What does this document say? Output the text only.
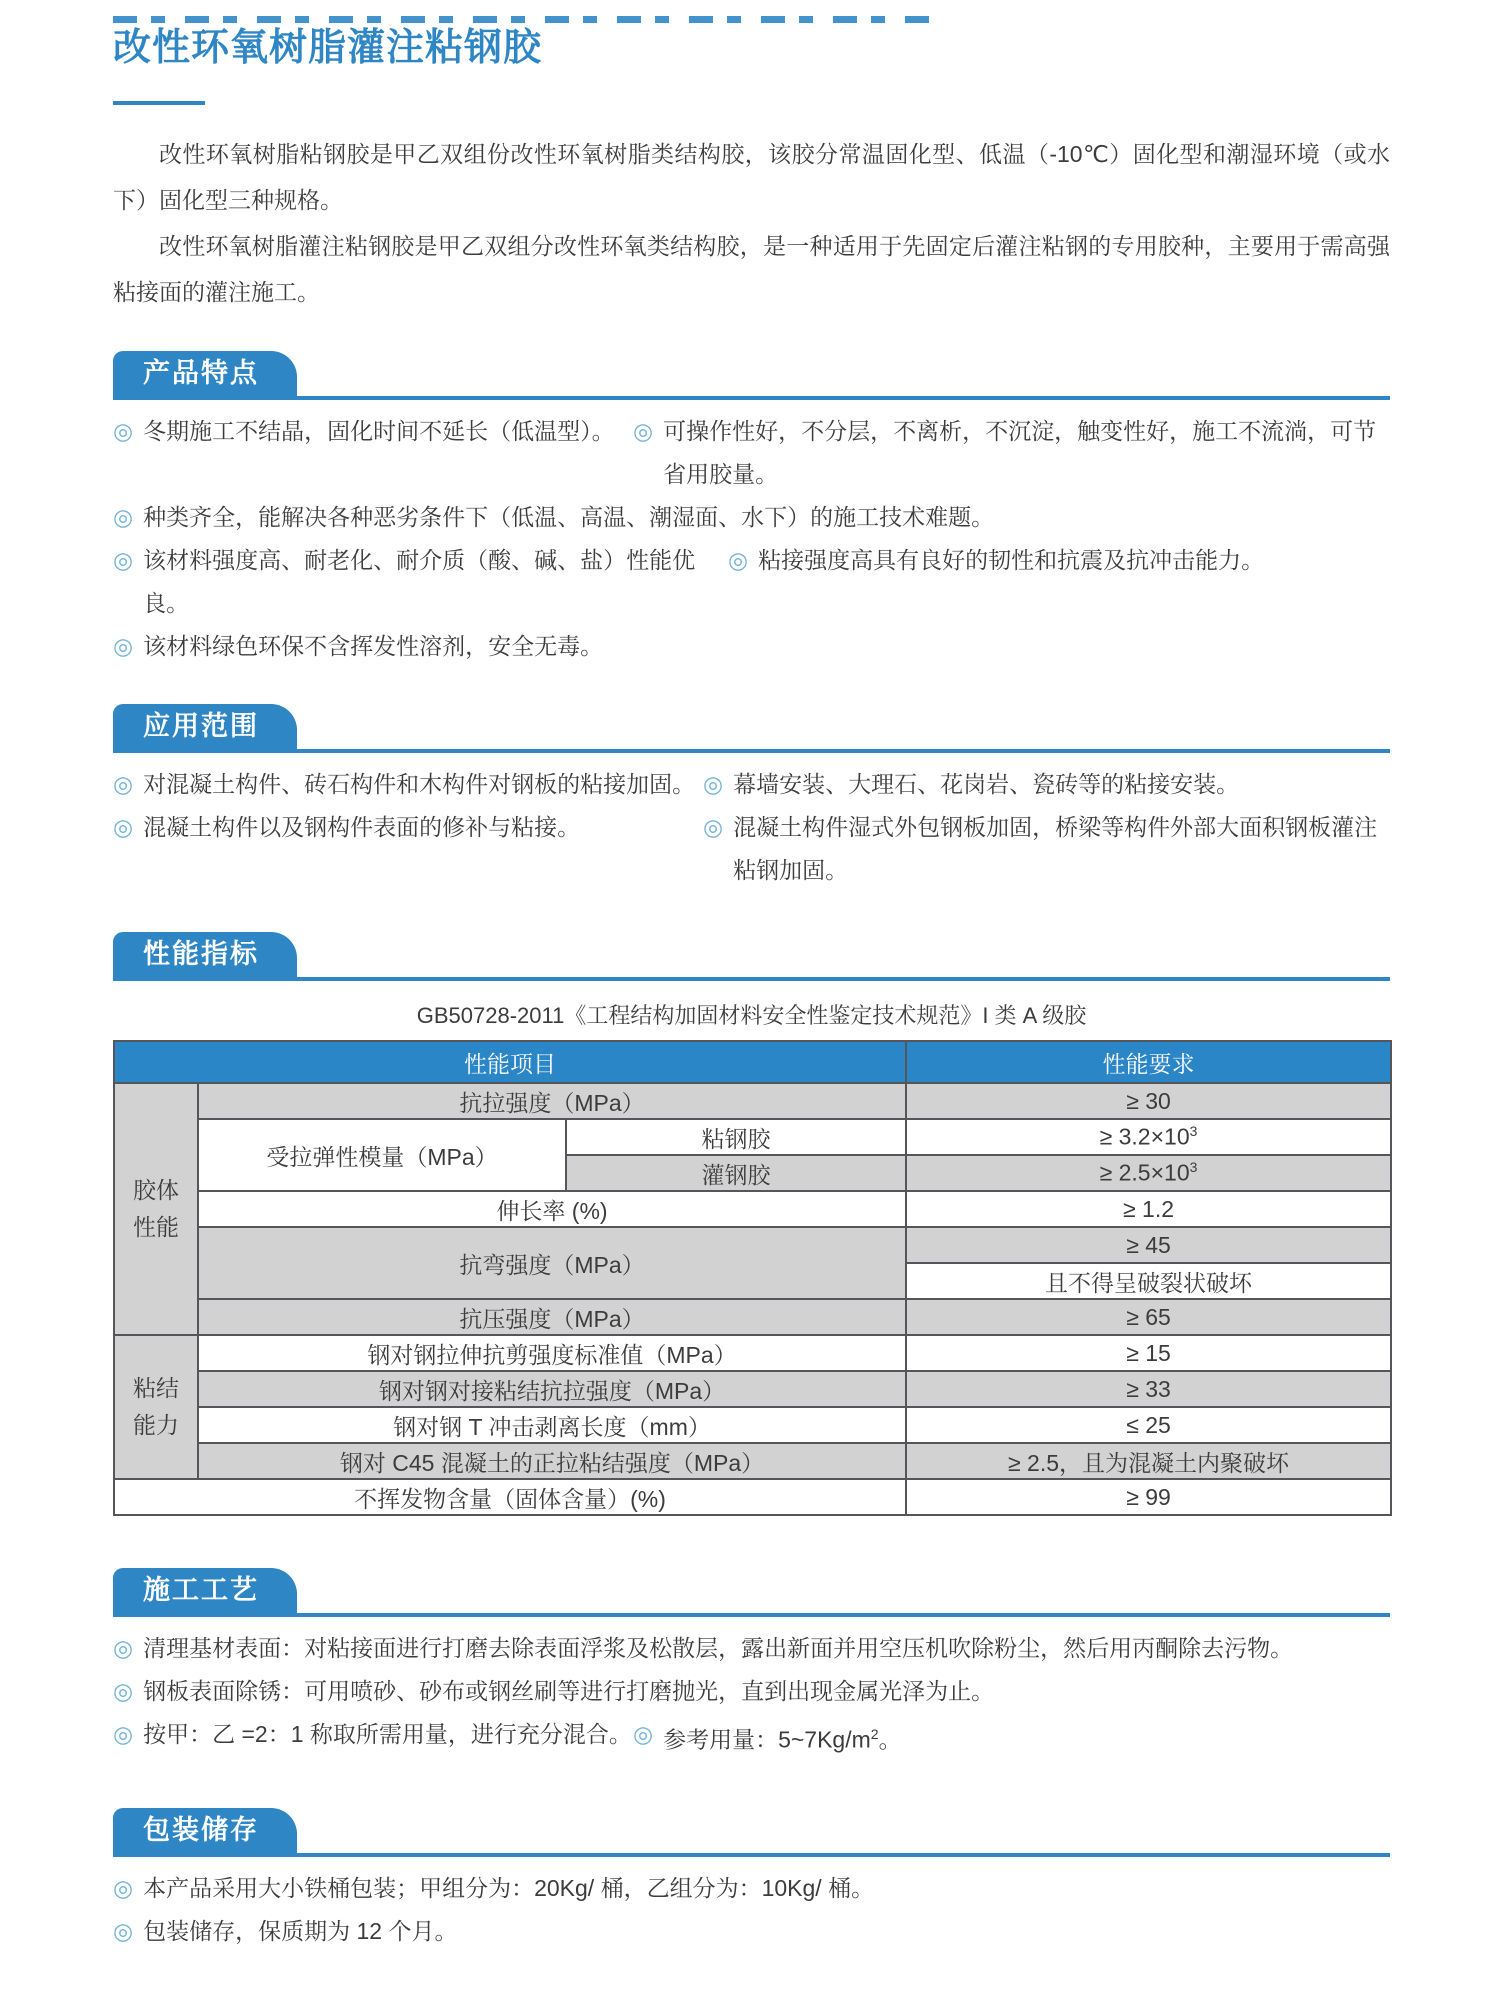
改性环氧树脂灌注粘钢胶

改性环氧树脂粘钢胶是甲乙双组份改性环氧树脂类结构胶，该胶分常温固化型、低温（-10℃）固化型和潮湿环境（或水下）固化型三种规格。

改性环氧树脂灌注粘钢胶是甲乙双组分改性环氧类结构胶，是一种适用于先固定后灌注粘钢的专用胶种，主要用于需高强粘接面的灌注施工。

产品特点
◎ 冬期施工不结晶，固化时间不延长（低温型）。 ◎ 可操作性好，不分层，不离析，不沉淀，触变性好，施工不流淌，可节省用胶量。
◎ 种类齐全，能解决各种恶劣条件下（低温、高温、潮湿面、水下）的施工技术难题。
◎ 该材料强度高、耐老化、耐介质（酸、碱、盐）性能优良。
◎ 粘接强度高具有良好的韧性和抗震及抗冲击能力。
◎ 该材料绿色环保不含挥发性溶剂，安全无毒。
应用范围
◎ 对混凝土构件、砖石构件和木构件对钢板的粘接加固。 ◎ 幕墙安装、大理石、花岗岩、瓷砖等的粘接安装。
◎ 混凝土构件以及钢构件表面的修补与粘接。	◎ 混凝土构件湿式外包钢板加固，桥梁等构件外部大面积钢板灌注粘钢加固。
性能指标
GB50728-2011《工程结构加固材料安全性鉴定技术规范》I 类 A 级胶
性能项目			性能要求
胶体性能	抗拉强度（MPa）		≥ 30
	受拉弹性模量（MPa）	粘钢胶	≥ $3.2\times 10^3$
		灌钢胶	≥ $2.5\times 10^3$
	伸长率 (%)		≥ 1.2
	抗弯强度（MPa）		≥ 45
			且不得呈破裂状破坏
	抗压强度（MPa）		≥ 65
粘结能力	钢对钢拉伸抗剪强度标准值（MPa）		≥ 15
	钢对钢对接粘结抗拉强度（MPa）		≥ 33
	钢对钢 T 冲击剥离长度（mm）		≤ 25
	钢对 C45 混凝土的正拉粘结强度（MPa）		≥ 2.5，且为混凝土内聚破坏
不挥发物含量（固体含量）(%)			≥ 99
施工工艺
◎ 清理基材表面：对粘接面进行打磨去除表面浮浆及松散层，露出新面并用空压机吹除粉尘，然后用丙酮除去污物。
◎ 钢板表面除锈：可用喷砂、砂布或钢丝刷等进行打磨抛光，直到出现金属光泽为止。
◎ 按甲：乙 =2：1 称取所需用量，进行充分混合。 ◎ 参考用量：$5\sim 7Kg/m^2$。
包装储存
◎ 本产品采用大小铁桶包装；甲组分为：20Kg/ 桶，乙组分为：10Kg/ 桶。
◎ 包装储存，保质期为 12 个月。
